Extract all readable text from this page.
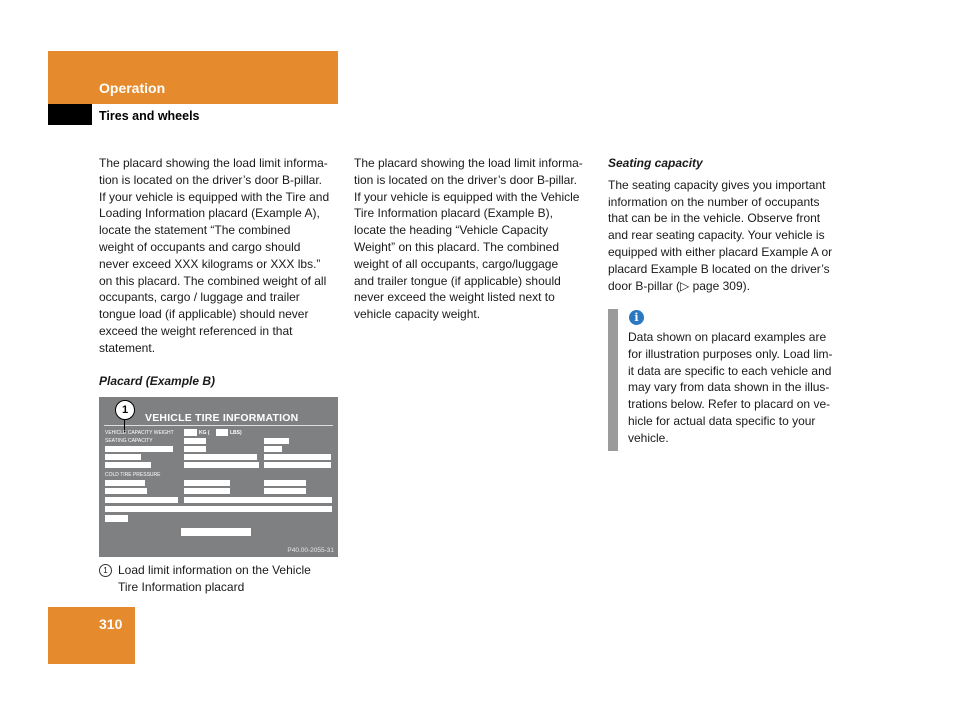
Operation
Tires and wheels

The placard showing the load limit informa-
tion is located on the driver’s door B-pillar.
If your vehicle is equipped with the Tire and
Loading Information placard (Example A),
locate the statement “The combined
weight of occupants and cargo should
never exceed XXX kilograms or XXX lbs.”
on this placard. The combined weight of all
occupants, cargo / luggage and trailer
tongue load (if applicable) should never
exceed the weight referenced in that
statement.

Placard (Example B)
VEHICLE TIRE INFORMATION
1
VEHICLE CAPACITY WEIGHT	KG (	LBS)
SEATING CAPACITY
COLD TIRE PRESSURE
P40.00-2055-31
1 Load limit information on the Vehicle
Tire Information placard

The placard showing the load limit informa-
tion is located on the driver’s door B-pillar.
If your vehicle is equipped with the Vehicle
Tire Information placard (Example B),
locate the heading “Vehicle Capacity
Weight” on this placard. The combined
weight of all occupants, cargo/luggage
and trailer tongue (if applicable) should
never exceed the weight listed next to
vehicle capacity weight.

Seating capacity

The seating capacity gives you important
information on the number of occupants
that can be in the vehicle. Observe front
and rear seating capacity. Your vehicle is
equipped with either placard Example A or
placard Example B located on the driver’s
door B-pillar (▷ page 309).

i
Data shown on placard examples are
for illustration purposes only. Load lim-
it data are specific to each vehicle and
may vary from data shown in the illus-
trations below. Refer to placard on ve-
hicle for actual data specific to your
vehicle.
310
